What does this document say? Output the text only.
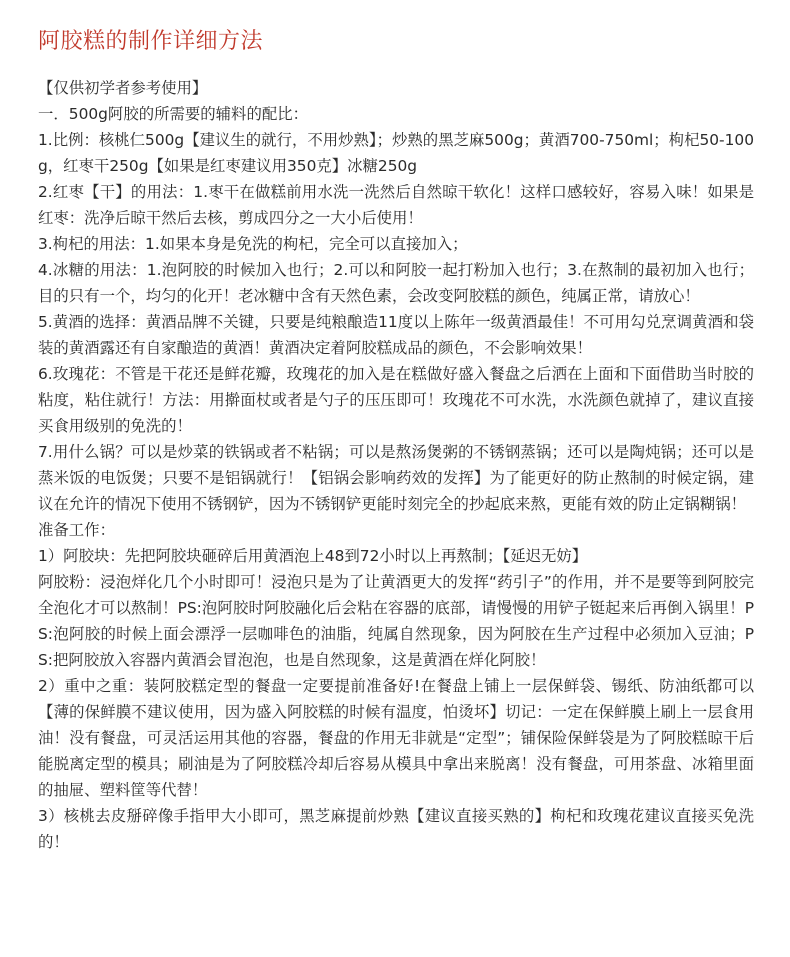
阿胶糕的制作详细方法

【仅供初学者参考使用】

一．500g阿胶的所需要的辅料的配比：

1.比例：核桃仁500g【建议生的就行，不用炒熟】；炒熟的黑芝麻500g；黄酒700-750ml；枸杞50-100g，红枣干250g【如果是红枣建议用350克】冰糖250g

2.红枣【干】的用法：1.枣干在做糕前用水洗一洗然后自然晾干软化！这样口感较好，容易入味！如果是红枣：洗净后晾干然后去核，剪成四分之一大小后使用！

3.枸杞的用法：1.如果本身是免洗的枸杞，完全可以直接加入；

4.冰糖的用法：1.泡阿胶的时候加入也行；2.可以和阿胶一起打粉加入也行；3.在熬制的最初加入也行；目的只有一个，均匀的化开！老冰糖中含有天然色素，会改变阿胶糕的颜色，纯属正常，请放心！

5.黄酒的选择：黄酒品牌不关键，只要是纯粮酿造11度以上陈年一级黄酒最佳！不可用勾兑烹调黄酒和袋装的黄酒露还有自家酿造的黄酒！黄酒决定着阿胶糕成品的颜色，不会影响效果！

6.玫瑰花：不管是干花还是鲜花瓣，玫瑰花的加入是在糕做好盛入餐盘之后洒在上面和下面借助当时胶的粘度，粘住就行！方法：用擀面杖或者是勺子的压压即可！玫瑰花不可水洗，水洗颜色就掉了，建议直接买食用级别的免洗的！

7.用什么锅？可以是炒菜的铁锅或者不粘锅；可以是熬汤煲粥的不锈钢蒸锅；还可以是陶炖锅；还可以是蒸米饭的电饭煲；只要不是铝锅就行！【铝锅会影响药效的发挥】为了能更好的防止熬制的时候定锅，建议在允许的情况下使用不锈钢铲，因为不锈钢铲更能时刻完全的抄起底来熬，更能有效的防止定锅糊锅！

准备工作：

1）阿胶块：先把阿胶块砸碎后用黄酒泡上48到72小时以上再熬制；【延迟无妨】

阿胶粉：浸泡烊化几个小时即可！浸泡只是为了让黄酒更大的发挥“药引子”的作用，并不是要等到阿胶完全泡化才可以熬制！PS:泡阿胶时阿胶融化后会粘在容器的底部，请慢慢的用铲子铤起来后再倒入锅里！PS:泡阿胶的时候上面会漂浮一层咖啡色的油脂，纯属自然现象，因为阿胶在生产过程中必须加入豆油；PS:把阿胶放入容器内黄酒会冒泡泡，也是自然现象，这是黄酒在烊化阿胶！

2）重中之重：装阿胶糕定型的餐盘一定要提前准备好!在餐盘上铺上一层保鲜袋、锡纸、防油纸都可以【薄的保鲜膜不建议使用，因为盛入阿胶糕的时候有温度，怕烫坏】切记：一定在保鲜膜上刷上一层食用油！没有餐盘，可灵活运用其他的容器，餐盘的作用无非就是“定型”；铺保险保鲜袋是为了阿胶糕晾干后能脱离定型的模具；刷油是为了阿胶糕冷却后容易从模具中拿出来脱离！没有餐盘，可用茶盘、冰箱里面的抽屉、塑料筐等代替！

3）核桃去皮掰碎像手指甲大小即可，黑芝麻提前炒熟【建议直接买熟的】枸杞和玫瑰花建议直接买免洗的！
